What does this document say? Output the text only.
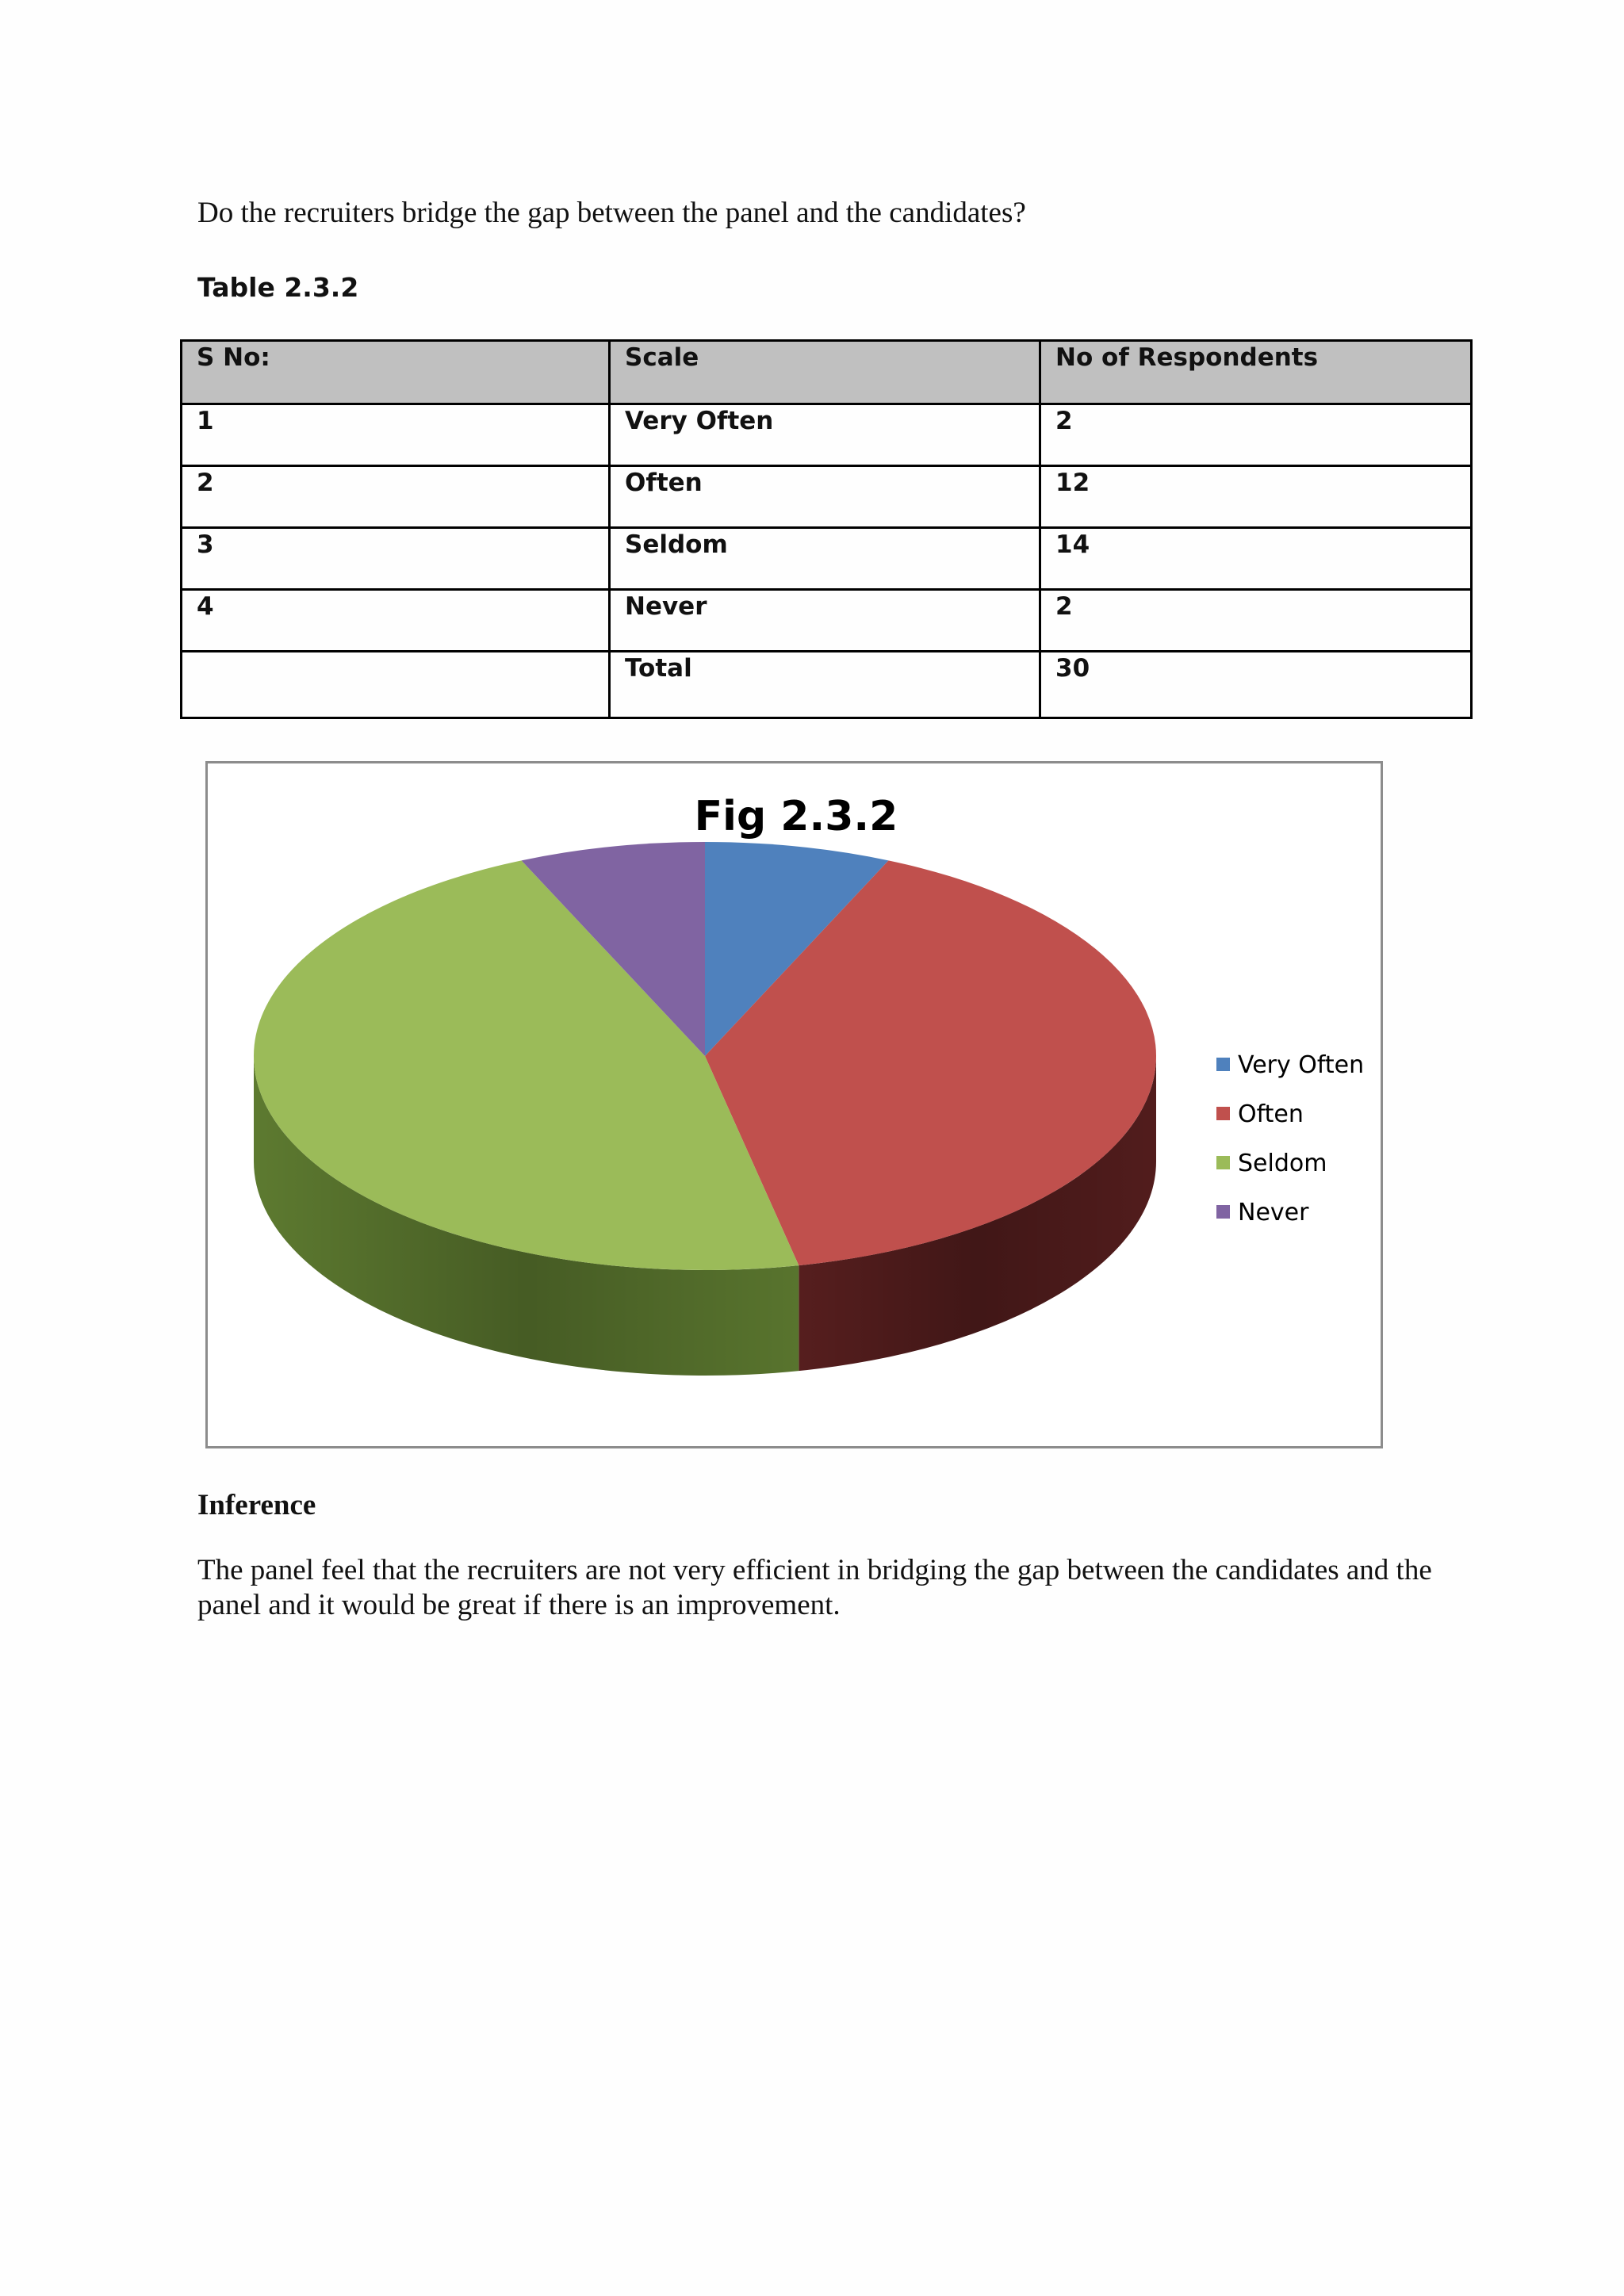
Do the recruiters bridge the gap between the panel and the candidates?
Table 2.3.2
S No:	Scale	No of Respondents
1	Very Often	2
2	Often	12
3	Seldom	14
4	Never	2
	Total	30
Fig 2.3.2
Very Often
Often
Seldom
Never
Inference
The panel feel that the recruiters are not very efficient in bridging the gap between the candidates and the panel and it would be great if there is an improvement.
